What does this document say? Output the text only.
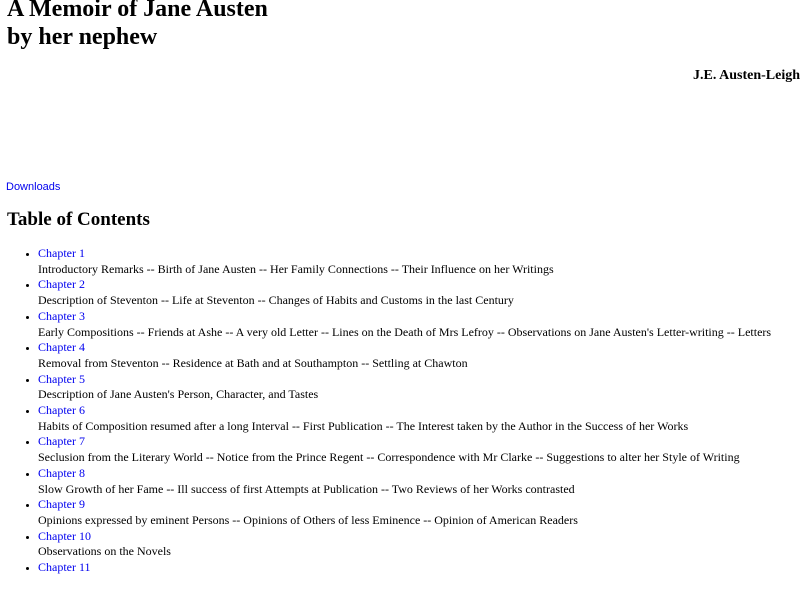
A Memoir of Jane Austen
by her nephew

J.E. Austen-Leigh

Downloads
Table of Contents
• Chapter 1
Introductory Remarks -- Birth of Jane Austen -- Her Family Connections -- Their Influence on her Writings
• Chapter 2
Description of Steventon -- Life at Steventon -- Changes of Habits and Customs in the last Century
• Chapter 3
Early Compositions -- Friends at Ashe -- A very old Letter -- Lines on the Death of Mrs Lefroy -- Observations on Jane Austen's Letter-writing -- Letters
• Chapter 4
Removal from Steventon -- Residence at Bath and at Southampton -- Settling at Chawton
• Chapter 5
Description of Jane Austen's Person, Character, and Tastes
• Chapter 6
Habits of Composition resumed after a long Interval -- First Publication -- The Interest taken by the Author in the Success of her Works
• Chapter 7
Seclusion from the Literary World -- Notice from the Prince Regent -- Correspondence with Mr Clarke -- Suggestions to alter her Style of Writing
• Chapter 8
Slow Growth of her Fame -- Ill success of first Attempts at Publication -- Two Reviews of her Works contrasted
• Chapter 9
Opinions expressed by eminent Persons -- Opinions of Others of less Eminence -- Opinion of American Readers
• Chapter 10
Observations on the Novels
• Chapter 11
